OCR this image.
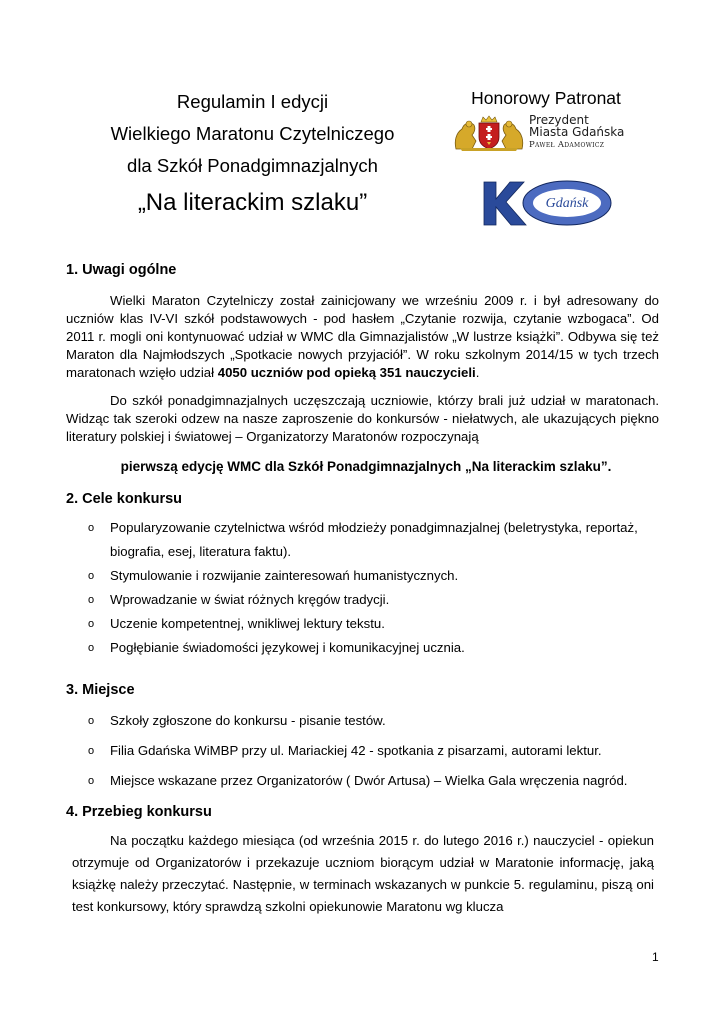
Regulamin I edycji
Wielkiego Maratonu Czytelniczego
dla Szkół Ponadgimnazjalnych
„Na literackim szlaku”
Honorowy Patronat
Prezydent
Miasta Gdańska
Paweł Adamowicz
Gdańsk
1. Uwagi ogólne
Wielki Maraton Czytelniczy został zainicjowany we wrześniu 2009 r. i był adresowany do uczniów klas IV-VI szkół podstawowych - pod hasłem „Czytanie rozwija, czytanie wzbogaca”. Od 2011 r. mogli oni kontynuować udział w WMC dla Gimnazjalistów „W lustrze książki”. Odbywa się też Maraton dla Najmłodszych „Spotkacie nowych przyjaciół”. W roku szkolnym 2014/15 w tych trzech maratonach wzięło udział 4050 uczniów pod opieką 351 nauczycieli.
Do szkół ponadgimnazjalnych uczęszczają uczniowie, którzy brali już udział w maratonach. Widząc tak szeroki odzew na nasze zaproszenie do konkursów - niełatwych, ale ukazujących piękno literatury polskiej i światowej – Organizatorzy Maratonów rozpoczynają
pierwszą edycję WMC dla Szkół Ponadgimnazjalnych „Na literackim szlaku”.
2. Cele konkursu
o Popularyzowanie czytelnictwa wśród młodzieży ponadgimnazjalnej (beletrystyka, reportaż, biografia, esej, literatura faktu).
o Stymulowanie i rozwijanie zainteresowań humanistycznych.
o Wprowadzanie w świat różnych kręgów tradycji.
o Uczenie kompetentnej, wnikliwej lektury tekstu.
o Pogłębianie świadomości językowej i komunikacyjnej ucznia.
3. Miejsce
o Szkoły zgłoszone do konkursu - pisanie testów.
o Filia Gdańska WiMBP przy ul. Mariackiej 42 - spotkania z pisarzami, autorami lektur.
o Miejsce wskazane przez Organizatorów ( Dwór Artusa) – Wielka Gala wręczenia nagród.
4. Przebieg konkursu
Na początku każdego miesiąca (od września 2015 r. do lutego 2016 r.) nauczyciel - opiekun otrzymuje od Organizatorów i przekazuje uczniom biorącym udział w Maratonie informację, jaką książkę należy przeczytać. Następnie, w terminach wskazanych w punkcie 5. regulaminu, piszą oni test konkursowy, który sprawdzą szkolni opiekunowie Maratonu wg klucza
1
